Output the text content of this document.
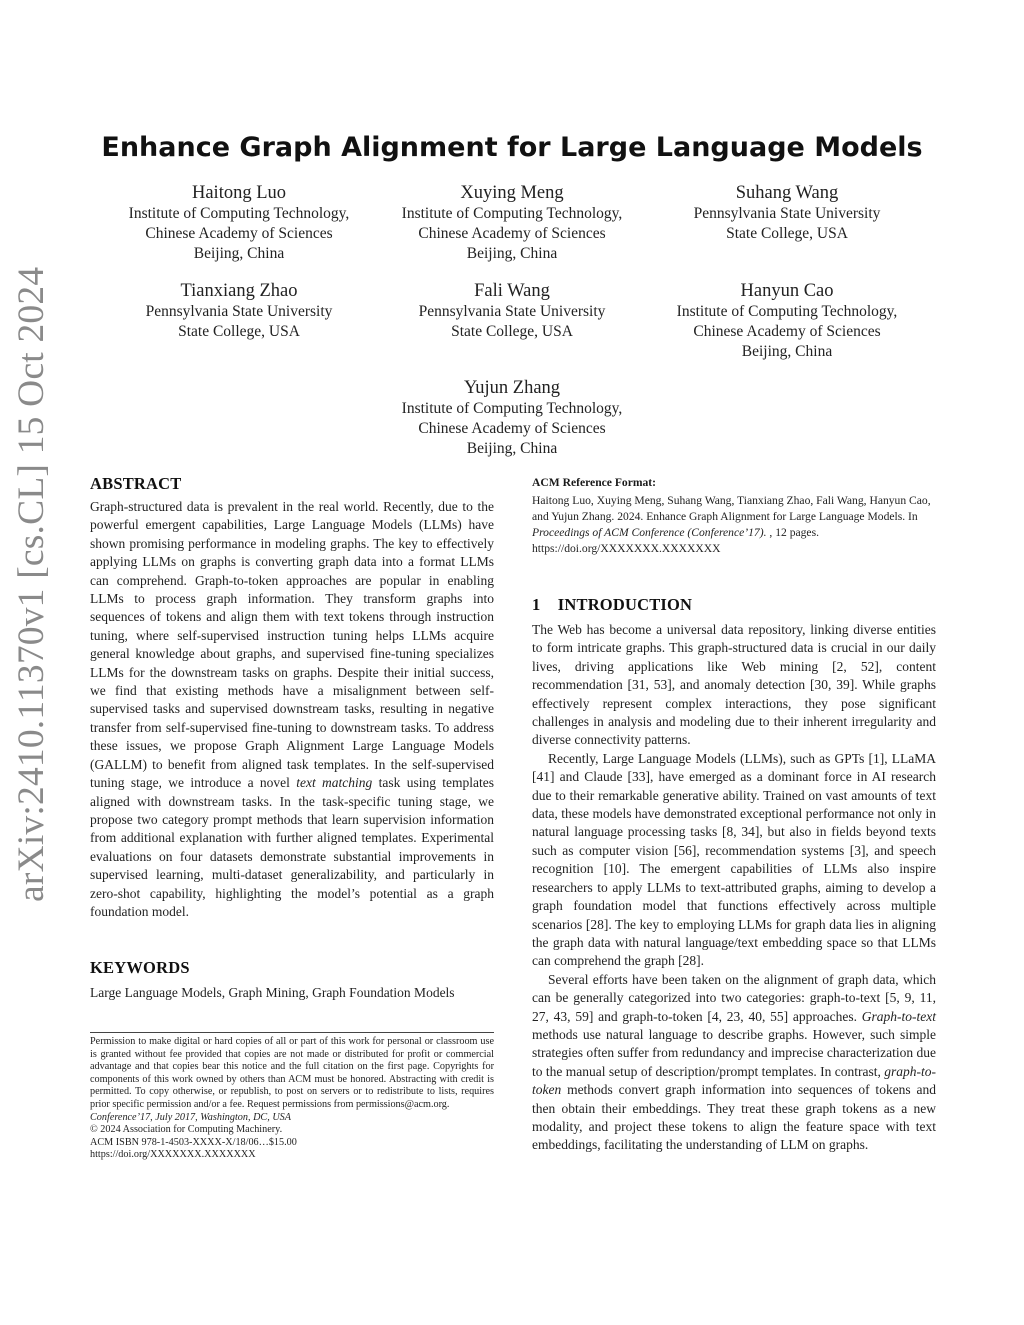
arXiv:2410.11370v1 [cs.CL] 15 Oct 2024
Enhance Graph Alignment for Large Language Models
Haitong Luo
Institute of Computing Technology,
Chinese Academy of Sciences
Beijing, China
Xuying Meng
Institute of Computing Technology,
Chinese Academy of Sciences
Beijing, China
Suhang Wang
Pennsylvania State University
State College, USA
Tianxiang Zhao
Pennsylvania State University
State College, USA
Fali Wang
Pennsylvania State University
State College, USA
Hanyun Cao
Institute of Computing Technology,
Chinese Academy of Sciences
Beijing, China
Yujun Zhang
Institute of Computing Technology,
Chinese Academy of Sciences
Beijing, China
ABSTRACT

Graph-structured data is prevalent in the real world. Recently, due to the powerful emergent capabilities, Large Language Models (LLMs) have shown promising performance in modeling graphs. The key to effectively applying LLMs on graphs is converting graph data into a format LLMs can comprehend. Graph-to-token approaches are popular in enabling LLMs to process graph information. They transform graphs into sequences of tokens and align them with text tokens through instruction tuning, where self-supervised instruction tuning helps LLMs acquire general knowledge about graphs, and supervised fine-tuning specializes LLMs for the downstream tasks on graphs. Despite their initial success, we find that existing methods have a misalignment between self-supervised tasks and supervised downstream tasks, resulting in negative transfer from self-supervised fine-tuning to downstream tasks. To address these issues, we propose Graph Alignment Large Language Models (GALLM) to benefit from aligned task templates. In the self-supervised tuning stage, we introduce a novel text matching task using templates aligned with downstream tasks. In the task-specific tuning stage, we propose two category prompt methods that learn supervision information from additional explanation with further aligned templates. Experimental evaluations on four datasets demonstrate substantial improvements in supervised learning, multi-dataset generalizability, and particularly in zero-shot capability, highlighting the model’s potential as a graph foundation model.

KEYWORDS
Large Language Models, Graph Mining, Graph Foundation Models
Permission to make digital or hard copies of all or part of this work for personal or classroom use is granted without fee provided that copies are not made or distributed for profit or commercial advantage and that copies bear this notice and the full citation on the first page. Copyrights for components of this work owned by others than ACM must be honored. Abstracting with credit is permitted. To copy otherwise, or republish, to post on servers or to redistribute to lists, requires prior specific permission and/or a fee. Request permissions from permissions@acm.org.
Conference’17, July 2017, Washington, DC, USA
© 2024 Association for Computing Machinery.
ACM ISBN 978-1-4503-XXXX-X/18/06…$15.00
https://doi.org/XXXXXXX.XXXXXXX
ACM Reference Format:
Haitong Luo, Xuying Meng, Suhang Wang, Tianxiang Zhao, Fali Wang, Hanyun Cao, and Yujun Zhang. 2024. Enhance Graph Alignment for Large Language Models. In Proceedings of ACM Conference (Conference’17). , 12 pages.
https://doi.org/XXXXXXX.XXXXXXX
1    INTRODUCTION

The Web has become a universal data repository, linking diverse entities to form intricate graphs. This graph-structured data is crucial in our daily lives, driving applications like Web mining [2, 52], content recommendation [31, 53], and anomaly detection [30, 39]. While graphs effectively represent complex interactions, they pose significant challenges in analysis and modeling due to their inherent irregularity and diverse connectivity patterns.

Recently, Large Language Models (LLMs), such as GPTs [1], LLaMA [41] and Claude [33], have emerged as a dominant force in AI research due to their remarkable generative ability. Trained on vast amounts of text data, these models have demonstrated exceptional performance not only in natural language processing tasks [8, 34], but also in fields beyond texts such as computer vision [56], recommendation systems [3], and speech recognition [10]. The emergent capabilities of LLMs also inspire researchers to apply LLMs to text-attributed graphs, aiming to develop a graph foundation model that functions effectively across multiple scenarios [28]. The key to employing LLMs for graph data lies in aligning the graph data with natural language/text embedding space so that LLMs can comprehend the graph [28].

Several efforts have been taken on the alignment of graph data, which can be generally categorized into two categories: graph-to-text [5, 9, 11, 27, 43, 59] and graph-to-token [4, 23, 40, 55] approaches. Graph-to-text methods use natural language to describe graphs. However, such simple strategies often suffer from redundancy and imprecise characterization due to the manual setup of description/prompt templates. In contrast, graph-to-token methods convert graph information into sequences of tokens and then obtain their embeddings. They treat these graph tokens as a new modality, and project these tokens to align the feature space with text embeddings, facilitating the understanding of LLM on graphs.
